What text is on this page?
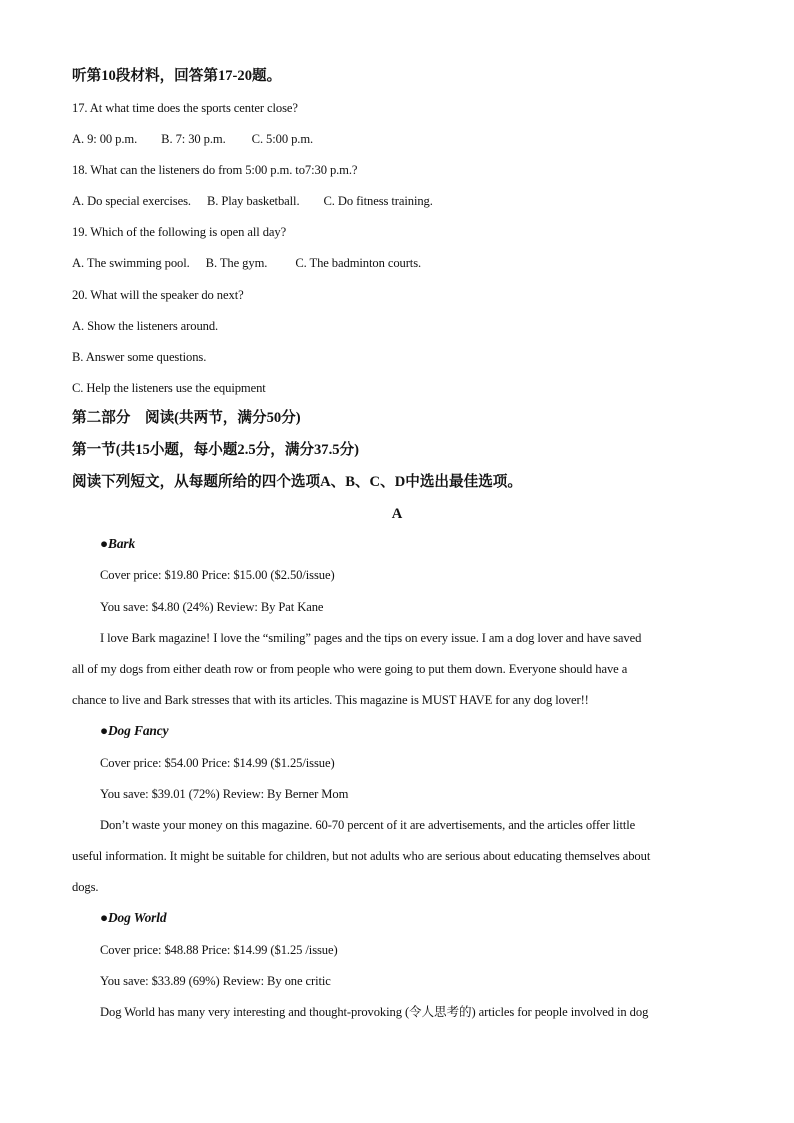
听第10段材料，回答第17-20题。
17. At what time does the sports center close?
A. 9: 00 p.m. B. 7: 30 p.m. C. 5:00 p.m.
18. What can the listeners do from 5:00 p.m. to7:30 p.m.?
A. Do special exercises. B. Play basketball. C. Do fitness training.
19. Which of the following is open all day?
A. The swimming pool. B. The gym. C. The badminton courts.
20. What will the speaker do next?
A. Show the listeners around.
B. Answer some questions.
C. Help the listeners use the equipment
第二部分　阅读(共两节，满分50分)
第一节(共15小题，每小题2.5分，满分37.5分)
阅读下列短文，从每题所给的四个选项A、B、C、D中选出最佳选项。
A
●Bark
Cover price: $19.80 Price: $15.00 ($2.50/issue)
You save: $4.80 (24%) Review: By Pat Kane
I love Bark magazine! I love the “smiling” pages and the tips on every issue. I am a dog lover and have saved
all of my dogs from either death row or from people who were going to put them down. Everyone should have a
chance to live and Bark stresses that with its articles. This magazine is MUST HAVE for any dog lover!!
●Dog Fancy
Cover price: $54.00 Price: $14.99 ($1.25/issue)
You save: $39.01 (72%) Review: By Berner Mom
Don’t waste your money on this magazine. 60-70 percent of it are advertisements, and the articles offer little
useful information. It might be suitable for children, but not adults who are serious about educating themselves about
dogs.
●Dog World
Cover price: $48.88 Price: $14.99 ($1.25 /issue)
You save: $33.89 (69%) Review: By one critic
Dog World has many very interesting and thought-provoking (令人思考的) articles for people involved in dog
